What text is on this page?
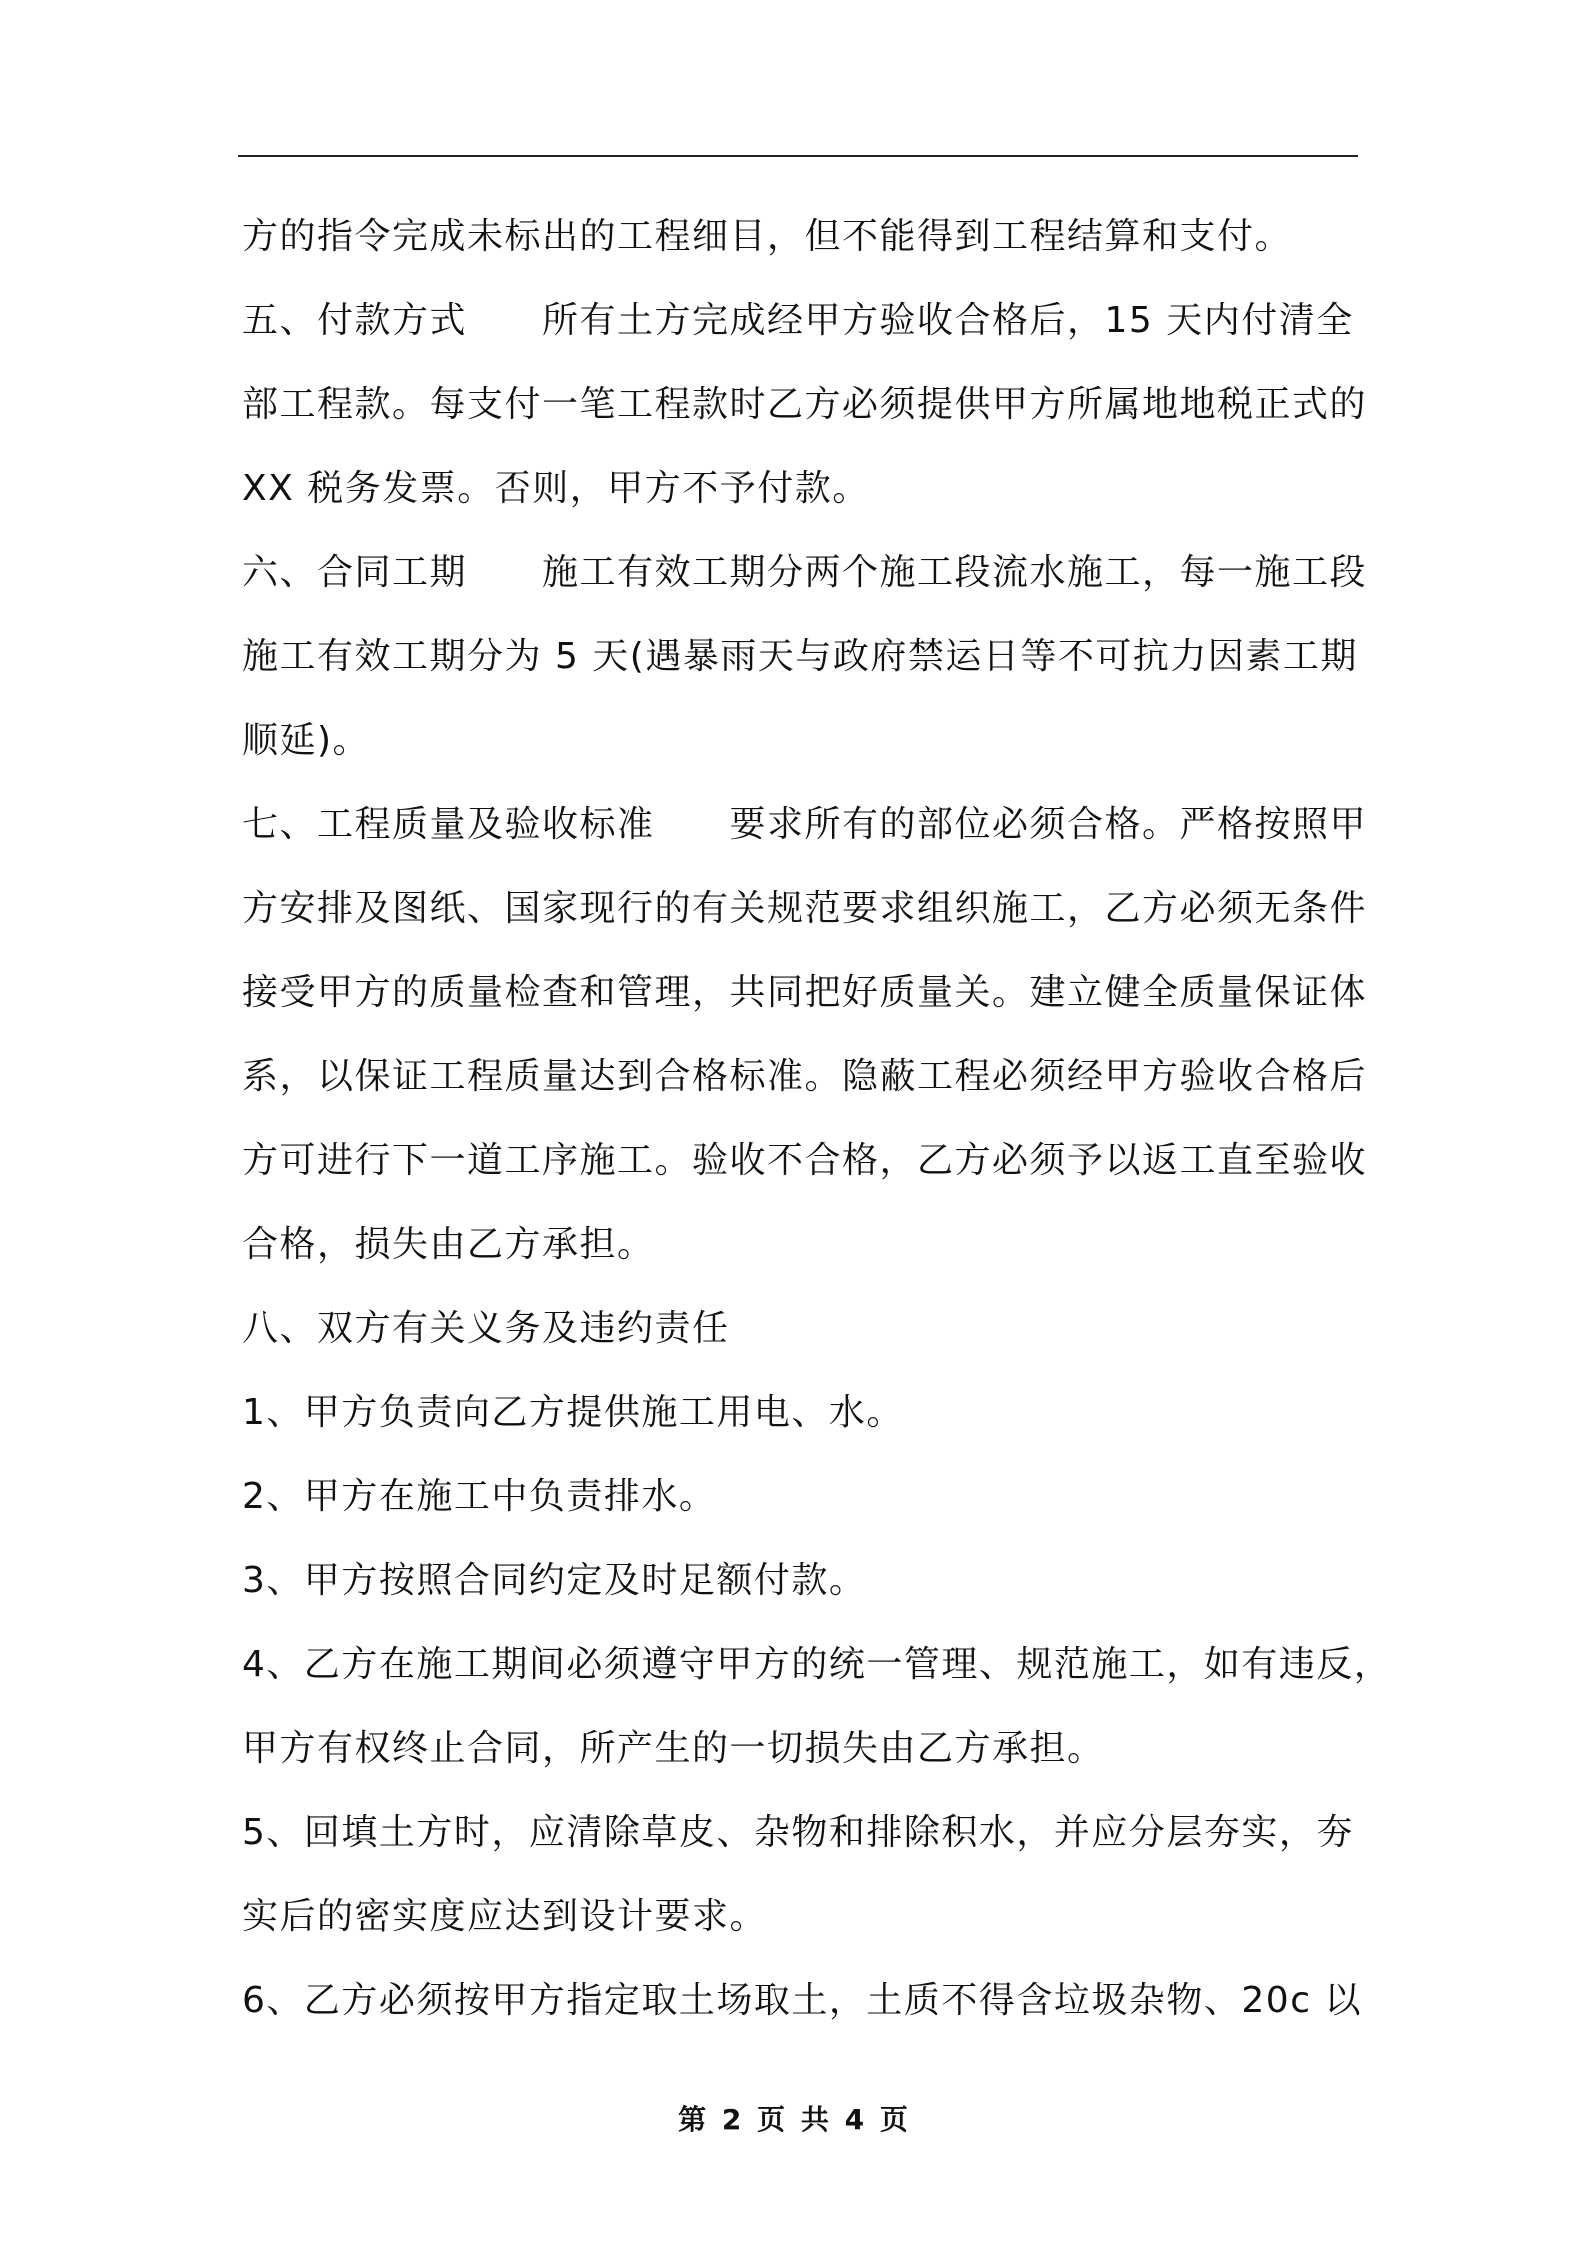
方的指令完成未标出的工程细目，但不能得到工程结算和支付。
五、付款方式　　所有土方完成经甲方验收合格后，15 天内付清全
部工程款。每支付一笔工程款时乙方必须提供甲方所属地地税正式的
XX 税务发票。否则，甲方不予付款。
六、合同工期　　施工有效工期分两个施工段流水施工，每一施工段
施工有效工期分为 5 天(遇暴雨天与政府禁运日等不可抗力因素工期
顺延)。
七、工程质量及验收标准　　要求所有的部位必须合格。严格按照甲
方安排及图纸、国家现行的有关规范要求组织施工，乙方必须无条件
接受甲方的质量检查和管理，共同把好质量关。建立健全质量保证体
系，以保证工程质量达到合格标准。隐蔽工程必须经甲方验收合格后
方可进行下一道工序施工。验收不合格，乙方必须予以返工直至验收
合格，损失由乙方承担。
八、双方有关义务及违约责任
1、甲方负责向乙方提供施工用电、水。
2、甲方在施工中负责排水。
3、甲方按照合同约定及时足额付款。
4、乙方在施工期间必须遵守甲方的统一管理、规范施工，如有违反，
甲方有权终止合同，所产生的一切损失由乙方承担。
5、回填土方时，应清除草皮、杂物和排除积水，并应分层夯实，夯
实后的密实度应达到设计要求。
6、乙方必须按甲方指定取土场取土，土质不得含垃圾杂物、20c 以
第 2 页 共 4 页
